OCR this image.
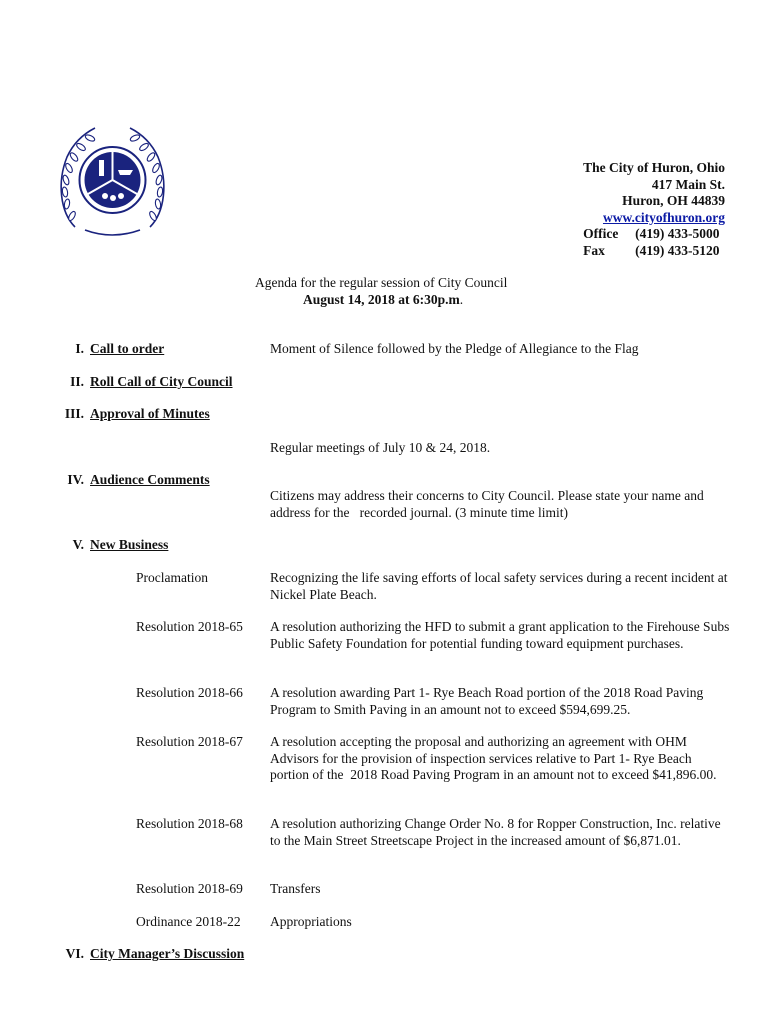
The City of Huron, Ohio
417 Main St.
Huron, OH 44839
www.cityofhuron.org
Office (419) 433-5000
Fax (419) 433-5120
Agenda for the regular session of City Council
August 14, 2018 at 6:30p.m.
I. Call to order	Moment of Silence followed by the Pledge of Allegiance to the Flag
II. Roll Call of City Council
III. Approval of Minutes
Regular meetings of July 10 & 24, 2018.
IV. Audience Comments
Citizens may address their concerns to City Council. Please state your name and address for the   recorded journal. (3 minute time limit)
V. New Business
Proclamation	Recognizing the life saving efforts of local safety services during a recent incident at Nickel Plate Beach.
Resolution 2018-65 A resolution authorizing the HFD to submit a grant application to the Firehouse Subs Public Safety Foundation for potential funding toward equipment purchases.
Resolution 2018-66 A resolution awarding Part 1- Rye Beach Road portion of the 2018 Road Paving Program to Smith Paving in an amount not to exceed $594,699.25.
Resolution 2018-67 A resolution accepting the proposal and authorizing an agreement with OHM Advisors for the provision of inspection services relative to Part 1- Rye Beach portion of the  2018 Road Paving Program in an amount not to exceed $41,896.00.
Resolution 2018-68 A resolution authorizing Change Order No. 8 for Ropper Construction, Inc. relative to the Main Street Streetscape Project in the increased amount of $6,871.01.
Resolution 2018-69 Transfers
Ordinance 2018-22 Appropriations
VI. City Manager’s Discussion
